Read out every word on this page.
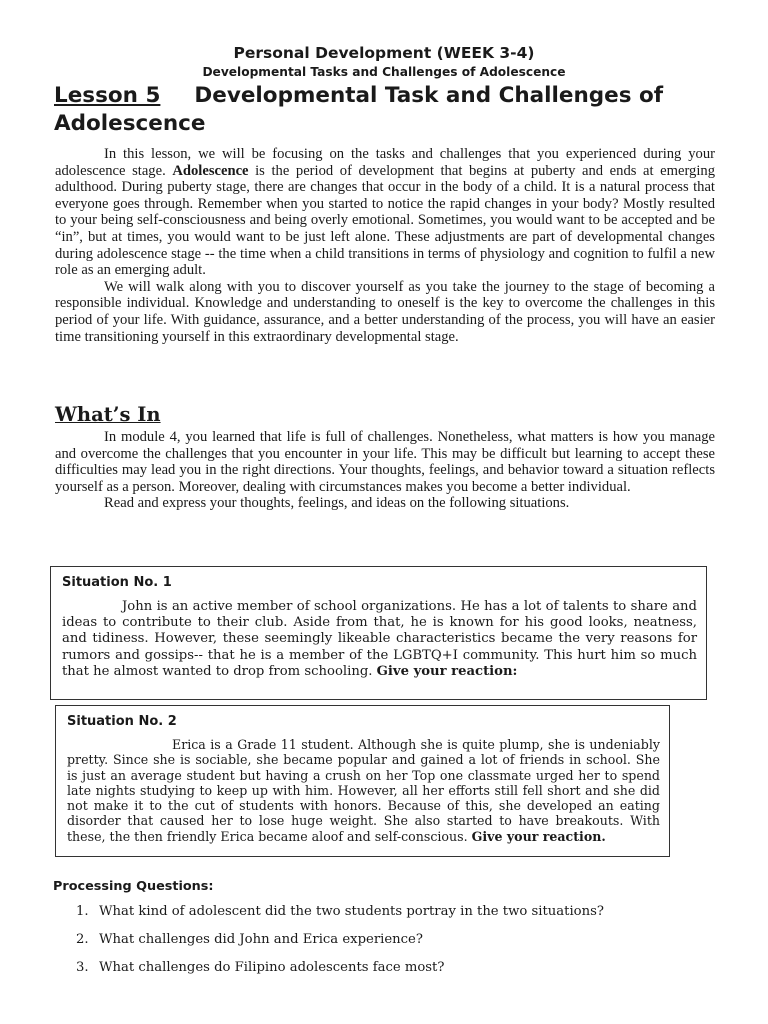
Personal Development (WEEK 3-4)
Developmental Tasks and Challenges of Adolescence
Lesson 5 Developmental Task and Challenges of Adolescence

In this lesson, we will be focusing on the tasks and challenges that you experienced during your adolescence stage. Adolescence is the period of development that begins at puberty and ends at emerging adulthood. During puberty stage, there are changes that occur in the body of a child. It is a natural process that everyone goes through. Remember when you started to notice the rapid changes in your body? Mostly resulted to your being self-consciousness and being overly emotional. Sometimes, you would want to be accepted and be “in”, but at times, you would want to be just left alone. These adjustments are part of developmental changes during adolescence stage -- the time when a child transitions in terms of physiology and cognition to fulfil a new role as an emerging adult.

We will walk along with you to discover yourself as you take the journey to the stage of becoming a responsible individual. Knowledge and understanding to oneself is the key to overcome the challenges in this period of your life. With guidance, assurance, and a better understanding of the process, you will have an easier time transitioning yourself in this extraordinary developmental stage.

What’s In

In module 4, you learned that life is full of challenges. Nonetheless, what matters is how you manage and overcome the challenges that you encounter in your life. This may be difficult but learning to accept these difficulties may lead you in the right directions. Your thoughts, feelings, and behavior toward a situation reflects yourself as a person. Moreover, dealing with circumstances makes you become a better individual.

Read and express your thoughts, feelings, and ideas on the following situations.

Situation No. 1
John is an active member of school organizations. He has a lot of talents to share and ideas to contribute to their club. Aside from that, he is known for his good looks, neatness, and tidiness. However, these seemingly likeable characteristics became the very reasons for rumors and gossips-- that he is a member of the LGBTQ+I community. This hurt him so much that he almost wanted to drop from schooling. Give your reaction:
Situation No. 2
Erica is a Grade 11 student. Although she is quite plump, she is undeniably pretty. Since she is sociable, she became popular and gained a lot of friends in school. She is just an average student but having a crush on her Top one classmate urged her to spend late nights studying to keep up with him. However, all her efforts still fell short and she did not make it to the cut of students with honors. Because of this, she developed an eating disorder that caused her to lose huge weight. She also started to have breakouts. With these, the then friendly Erica became aloof and self-conscious. Give your reaction.
Processing Questions:
1. What kind of adolescent did the two students portray in the two situations?
2. What challenges did John and Erica experience?
3. What challenges do Filipino adolescents face most?
